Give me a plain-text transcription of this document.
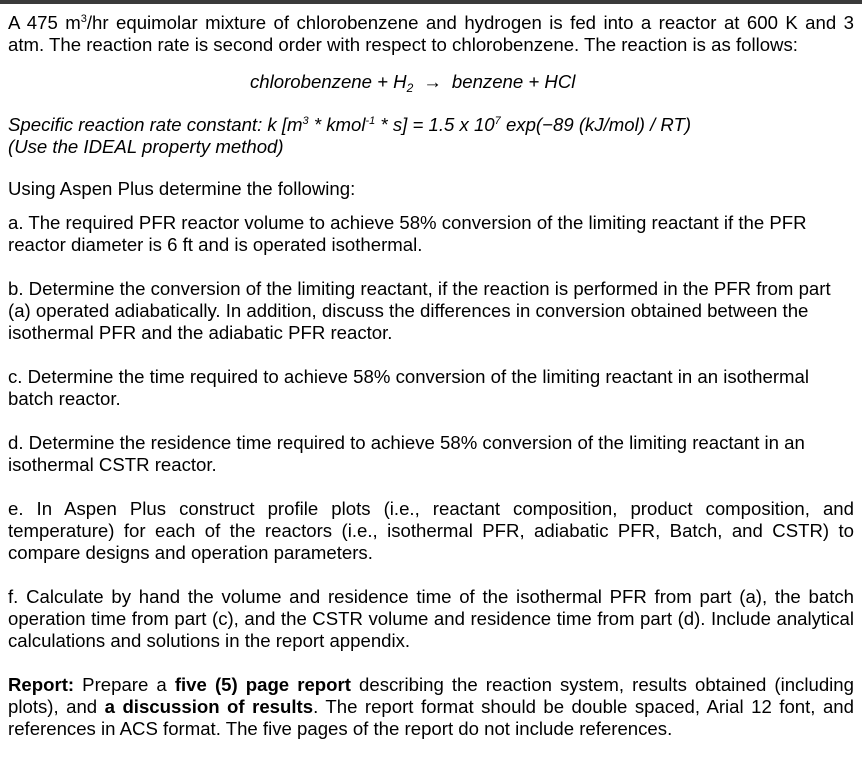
A 475 $m^3/hr$ equimolar mixture of chlorobenzene and hydrogen is fed into a reactor at 600 K and 3 atm. The reaction rate is second order with respect to chlorobenzene. The reaction is as follows:

chlorobenzene + $H_2$ → benzene + HCl

Specific reaction rate constant: k [$m^3$ * kmol$^{-1}$ * s] = 1.5 x $10^7$ exp(−89 (kJ/mol) / RT)

(Use the IDEAL property method)

Using Aspen Plus determine the following:

a. The required PFR reactor volume to achieve 58% conversion of the limiting reactant if the PFR reactor diameter is 6 ft and is operated isothermal.

b. Determine the conversion of the limiting reactant, if the reaction is performed in the PFR from part (a) operated adiabatically. In addition, discuss the differences in conversion obtained between the isothermal PFR and the adiabatic PFR reactor.

c. Determine the time required to achieve 58% conversion of the limiting reactant in an isothermal batch reactor.

d. Determine the residence time required to achieve 58% conversion of the limiting reactant in an isothermal CSTR reactor.

e. In Aspen Plus construct profile plots (i.e., reactant composition, product composition, and temperature) for each of the reactors (i.e., isothermal PFR, adiabatic PFR, Batch, and CSTR) to compare designs and operation parameters.

f. Calculate by hand the volume and residence time of the isothermal PFR from part (a), the batch operation time from part (c), and the CSTR volume and residence time from part (d). Include analytical calculations and solutions in the report appendix.

Report: Prepare a five (5) page report describing the reaction system, results obtained (including plots), and a discussion of results. The report format should be double spaced, Arial 12 font, and references in ACS format. The five pages of the report do not include references.
